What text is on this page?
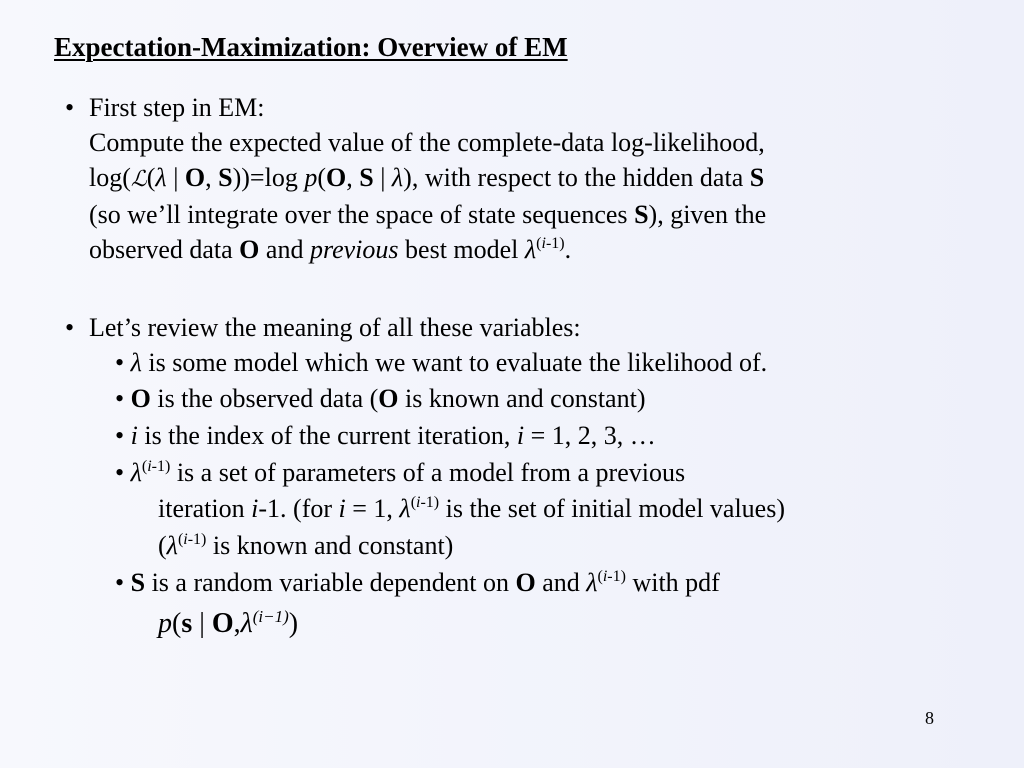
Expectation-Maximization: Overview of EM
• First step in EM:
Compute the expected value of the complete-data log-likelihood,
log(ℒ(λ | O, S))=log p(O, S | λ), with respect to the hidden data S
(so we’ll integrate over the space of state sequences S), given the
observed data O and previous best model $\lambda^{(i-1)}$.
• Let’s review the meaning of all these variables:
• λ is some model which we want to evaluate the likelihood of.
• O is the observed data (O is known and constant)
• i is the index of the current iteration, i = 1, 2, 3, …
• $\lambda^{(i-1)}$ is a set of parameters of a model from a previous
iteration i-1. (for i = 1, $\lambda^{(i-1)}$ is the set of initial model values)
($\lambda^{(i-1)}$ is known and constant)
• S is a random variable dependent on O and $\lambda^{(i-1)}$ with pdf
p(s | $O,\lambda^{(i-1)}$)
8
